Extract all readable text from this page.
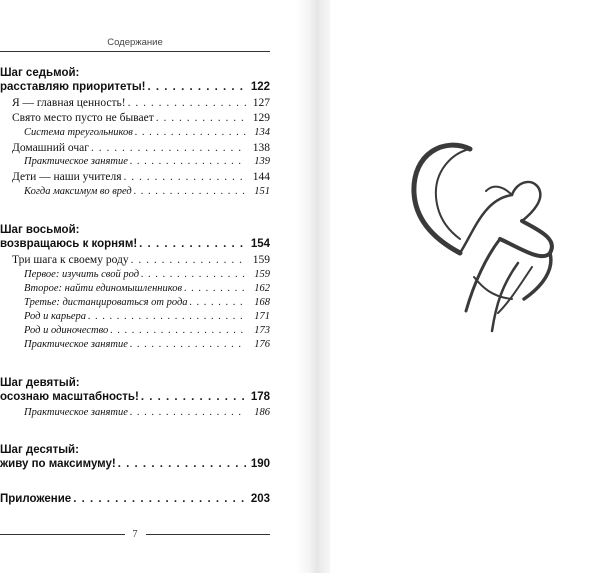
Содержание
Шаг седьмой:
расставляю приоритеты! . . .	122
Я — главная ценность! . . .	127
Свято место пусто не бывает . . .	129
Система треугольников . . .	134
Домашний очаг . . .	138
Практическое занятие . . .	139
Дети — наши учителя . . .	144
Когда максимум во вред . . .	151
Шаг восьмой:
возвращаюсь к корням! . . .	154
Три шага к своему роду . . .	159
Первое: изучить свой род . . .	159
Второе: найти единомышленников . . .	162
Третье: дистанцироваться от рода . . .	168
Род и карьера . . .	171
Род и одиночество . . .	173
Практическое занятие . . .	176
Шаг девятый:
осознаю масштабность! . . .	178
Практическое занятие . . .	186
Шаг десятый:
живу по максимуму! . . .	190
Приложение . . .	203
7
